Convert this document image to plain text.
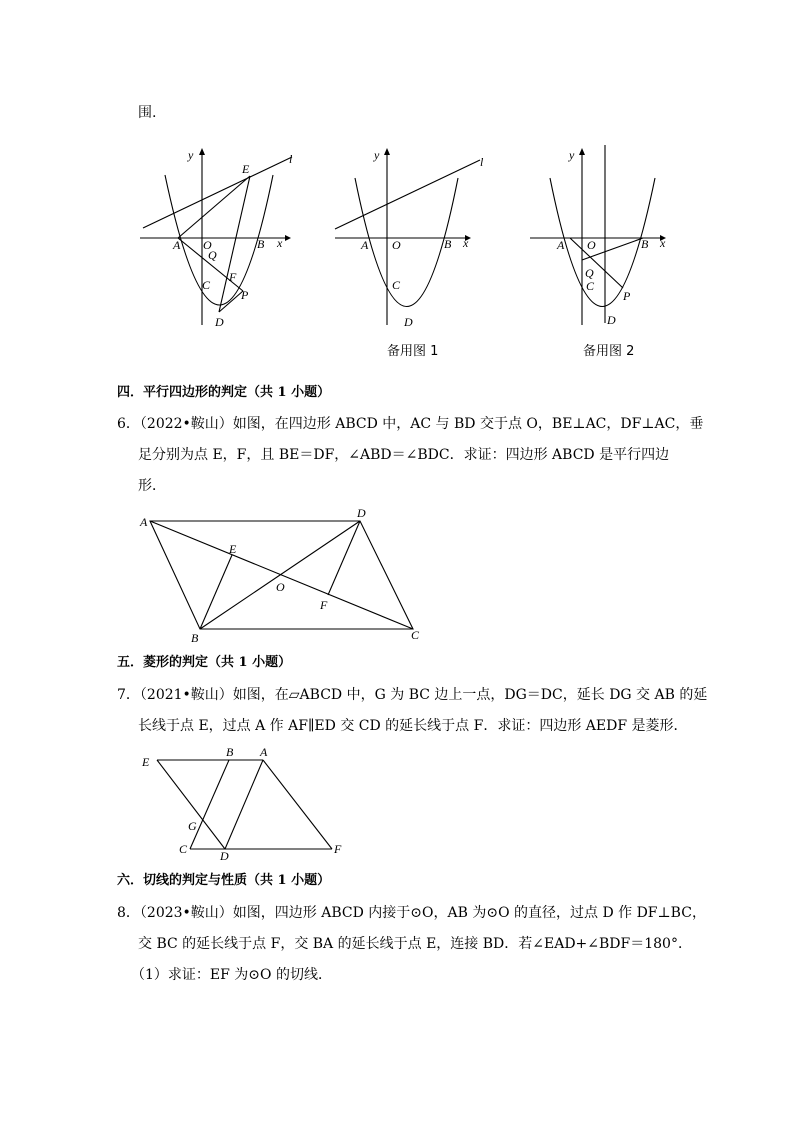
围.
y
x
l
E
A O
Q
B
C
F
P
D
y
x
l
A O	B
C
D
备用图 1
y
x
A O	B
Q
C
P
D
备用图 2
四．平行四边形的判定（共 1 小题）
6．（2022•鞍山）如图，在四边形 ABCD 中，AC 与 BD 交于点 O，BE⊥AC，DF⊥AC，垂
足分别为点 E，F，且 BE＝DF，∠ABD＝∠BDC．求证：四边形 ABCD 是平行四边
形．
A
D
E
O
F
B	C
五．菱形的判定（共 1 小题）
7．（2021•鞍山）如图，在▱ABCD 中，G 为 BC 边上一点，DG＝DC，延长 DG 交 AB 的延
长线于点 E，过点 A 作 AF∥ED 交 CD 的延长线于点 F．求证：四边形 AEDF 是菱形．
E
B A
G
C	D	F
六．切线的判定与性质（共 1 小题）
8．（2023•鞍山）如图，四边形 ABCD 内接于⊙O，AB 为⊙O 的直径，过点 D 作 DF⊥BC，
交 BC 的延长线于点 F，交 BA 的延长线于点 E，连接 BD．若∠EAD+∠BDF＝180°．
（1）求证：EF 为⊙O 的切线．
